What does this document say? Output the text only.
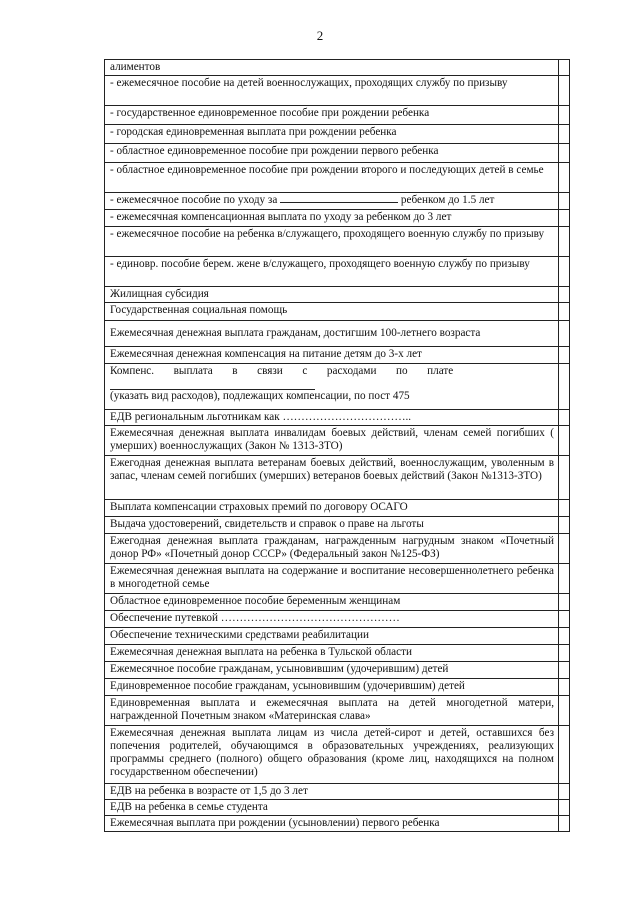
2
алиментов	
- ежемесячное пособие на детей военнослужащих, проходящих службу по призыву	
- государственное единовременное пособие при рождении ребенка	
- городская единовременная выплата при рождении ребенка	
- областное единовременное пособие при рождении первого ребенка	
- областное единовременное пособие при рождении второго и последующих детей в семье	
- ежемесячное пособие по уходу за ребенком до 1.5 лет	
- ежемесячная компенсационная выплата по уходу за ребенком до 3 лет	
- ежемесячное пособие на ребенка в/служащего, проходящего военную службу по призыву	
- единовр. пособие берем. жене в/служащего, проходящего военную службу по призыву	
Жилищная субсидия	
Государственная социальная помощь	
Ежемесячная денежная выплата гражданам, достигшим 100-летнего возраста	
Ежемесячная денежная компенсация на питание детям до 3-х лет	

Компенс.       выплата       в       связи       с       расходами       по       плате
(указать вид расходов), подлежащих компенсации, по пост 475	

ЕДВ региональным льготникам как ……………………………..	
Ежемесячная денежная выплата инвалидам боевых действий, членам семей погибших ( умерших) военнослужащих (Закон № 1313-ЗТО)	
Ежегодная денежная выплата ветеранам боевых действий, военнослужащим, уволенным в запас, членам семей погибших (умерших) ветеранов боевых действий (Закон №1313-ЗТО)	
Выплата компенсации страховых премий по договору ОСАГО	
Выдача удостоверений, свидетельств и справок о праве на льготы	
Ежегодная денежная выплата гражданам, награжденным нагрудным знаком «Почетный донор РФ» «Почетный донор СССР» (Федеральный закон №125-ФЗ)	
Ежемесячная денежная выплата на содержание и воспитание несовершеннолетнего ребенка в многодетной семье	
Областное единовременное пособие беременным женщинам	
Обеспечение путевкой …………………………………………	
Обеспечение техническими средствами реабилитации	
Ежемесячная денежная выплата на ребенка в Тульской области	
Ежемесячное пособие гражданам, усыновившим (удочерившим) детей	
Единовременное пособие гражданам, усыновившим (удочерившим) детей	
Единовременная выплата и ежемесячная выплата на детей многодетной матери, награжденной Почетным знаком «Материнская слава»	
Ежемесячная денежная выплата лицам из числа детей-сирот и детей, оставшихся без попечения родителей, обучающимся в образовательных учреждениях, реализующих программы среднего (полного) общего образования (кроме лиц, находящихся на полном государственном обеспечении)	
ЕДВ на ребенка в возрасте от 1,5 до 3 лет	
ЕДВ на ребенка в семье студента	
Ежемесячная выплата при рождении (усыновлении) первого ребенка	
